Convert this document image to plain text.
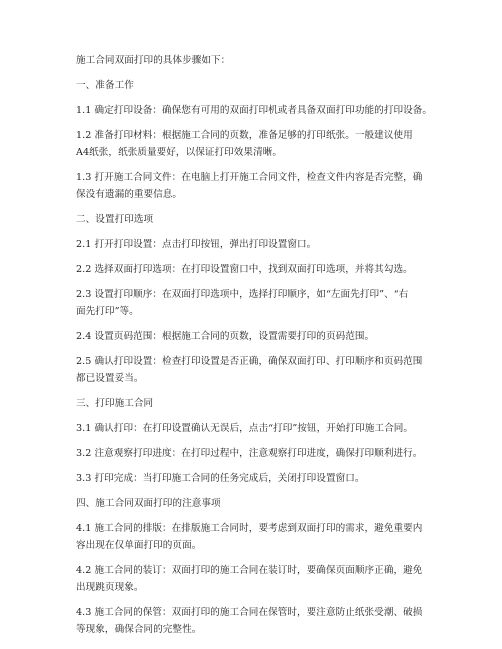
施工合同双面打印的具体步骤如下：
一、准备工作
1.1 确定打印设备：确保您有可用的双面打印机或者具备双面打印功能的打印设备。
1.2 准备打印材料：根据施工合同的页数，准备足够的打印纸张。一般建议使用
A4纸张，纸张质量要好，以保证打印效果清晰。
1.3 打开施工合同文件：在电脑上打开施工合同文件，检查文件内容是否完整，确
保没有遗漏的重要信息。
二、设置打印选项
2.1 打开打印设置：点击打印按钮，弹出打印设置窗口。
2.2 选择双面打印选项：在打印设置窗口中，找到双面打印选项，并将其勾选。
2.3 设置打印顺序：在双面打印选项中，选择打印顺序，如“左面先打印”、“右
面先打印”等。
2.4 设置页码范围：根据施工合同的页数，设置需要打印的页码范围。
2.5 确认打印设置：检查打印设置是否正确，确保双面打印、打印顺序和页码范围
都已设置妥当。
三、打印施工合同
3.1 确认打印：在打印设置确认无误后，点击“打印”按钮，开始打印施工合同。
3.2 注意观察打印进度：在打印过程中，注意观察打印进度，确保打印顺利进行。
3.3 打印完成：当打印施工合同的任务完成后，关闭打印设置窗口。
四、施工合同双面打印的注意事项
4.1 施工合同的排版：在排版施工合同时，要考虑到双面打印的需求，避免重要内
容出现在仅单面打印的页面。
4.2 施工合同的装订：双面打印的施工合同在装订时，要确保页面顺序正确，避免
出现跳页现象。
4.3 施工合同的保管：双面打印的施工合同在保管时，要注意防止纸张受潮、破损
等现象，确保合同的完整性。
